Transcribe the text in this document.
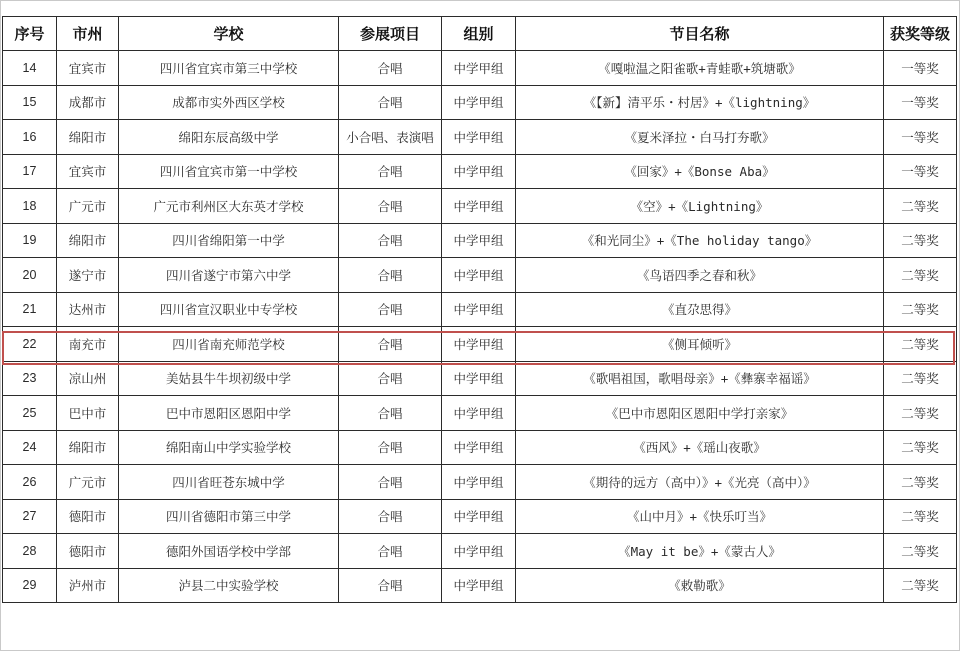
序号	市州	学校	参展项目	组别	节目名称	获奖等级
14	宜宾市	四川省宜宾市第三中学校	合唱	中学甲组	《嘎啦温之阳雀歌+青蛙歌+筑塘歌》	一等奖
15	成都市	成都市实外西区学校	合唱	中学甲组	《【新】清平乐・村居》+《lightning》	一等奖
16	绵阳市	绵阳东辰高级中学	小合唱、表演唱	中学甲组	《夏米泽拉・白马打夯歌》	一等奖
17	宜宾市	四川省宜宾市第一中学校	合唱	中学甲组	《回家》+《Bonse Aba》	一等奖
18	广元市	广元市利州区大东英才学校	合唱	中学甲组	《空》+《Lightning》	二等奖
19	绵阳市	四川省绵阳第一中学	合唱	中学甲组	《和光同尘》+《The holiday tango》	二等奖
20	遂宁市	四川省遂宁市第六中学	合唱	中学甲组	《鸟语四季之春和秋》	二等奖
21	达州市	四川省宣汉职业中专学校	合唱	中学甲组	《直尕思得》	二等奖
22	南充市	四川省南充师范学校	合唱	中学甲组	《侧耳倾听》	二等奖
23	凉山州	美姑县牛牛坝初级中学	合唱	中学甲组	《歌唱祖国，歌唱母亲》+《彝寨幸福谣》	二等奖
25	巴中市	巴中市恩阳区恩阳中学	合唱	中学甲组	《巴中市恩阳区恩阳中学打亲家》	二等奖
24	绵阳市	绵阳南山中学实验学校	合唱	中学甲组	《西风》+《瑶山夜歌》	二等奖
26	广元市	四川省旺苍东城中学	合唱	中学甲组	《期待的远方（高中）》+《光亮（高中）》	二等奖
27	德阳市	四川省德阳市第三中学	合唱	中学甲组	《山中月》+《快乐叮当》	二等奖
28	德阳市	德阳外国语学校中学部	合唱	中学甲组	《May it be》+《蒙古人》	二等奖
29	泸州市	泸县二中实验学校	合唱	中学甲组	《敕勒歌》	二等奖
